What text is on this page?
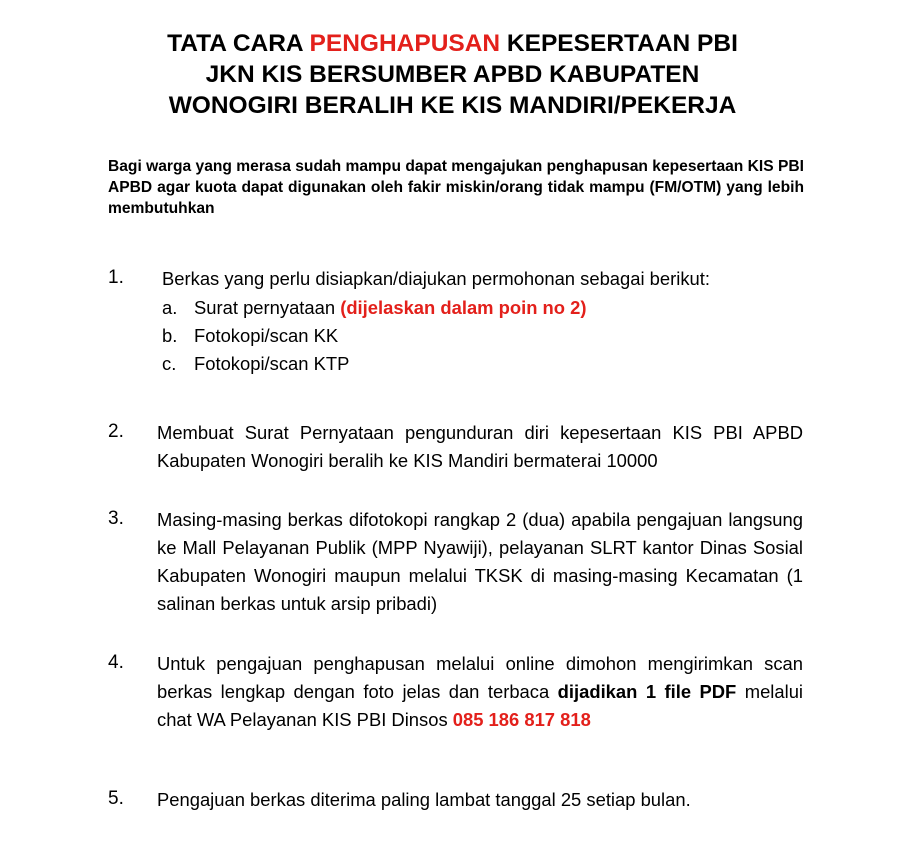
TATA CARA PENGHAPUSAN KEPESERTAAN PBI
JKN KIS BERSUMBER APBD KABUPATEN
WONOGIRI BERALIH KE KIS MANDIRI/PEKERJA
Bagi warga yang merasa sudah mampu dapat mengajukan penghapusan kepesertaan KIS PBI APBD agar kuota dapat digunakan oleh fakir miskin/orang tidak mampu (FM/OTM) yang lebih membutuhkan
1. Berkas yang perlu disiapkan/diajukan permohonan sebagai berikut:
a. Surat pernyataan (dijelaskan dalam poin no 2)
b. Fotokopi/scan KK
c. Fotokopi/scan KTP
2. Membuat Surat Pernyataan pengunduran diri kepesertaan KIS PBI APBD Kabupaten Wonogiri beralih ke KIS Mandiri bermaterai 10000
3. Masing-masing berkas difotokopi rangkap 2 (dua) apabila pengajuan langsung ke Mall Pelayanan Publik (MPP Nyawiji), pelayanan SLRT kantor Dinas Sosial Kabupaten Wonogiri maupun melalui TKSK di masing-masing Kecamatan (1 salinan berkas untuk arsip pribadi)
4. Untuk pengajuan penghapusan melalui online dimohon mengirimkan scan berkas lengkap dengan foto jelas dan terbaca dijadikan 1 file PDF melalui chat WA Pelayanan KIS PBI Dinsos 085 186 817 818
5. Pengajuan berkas diterima paling lambat tanggal 25 setiap bulan.
